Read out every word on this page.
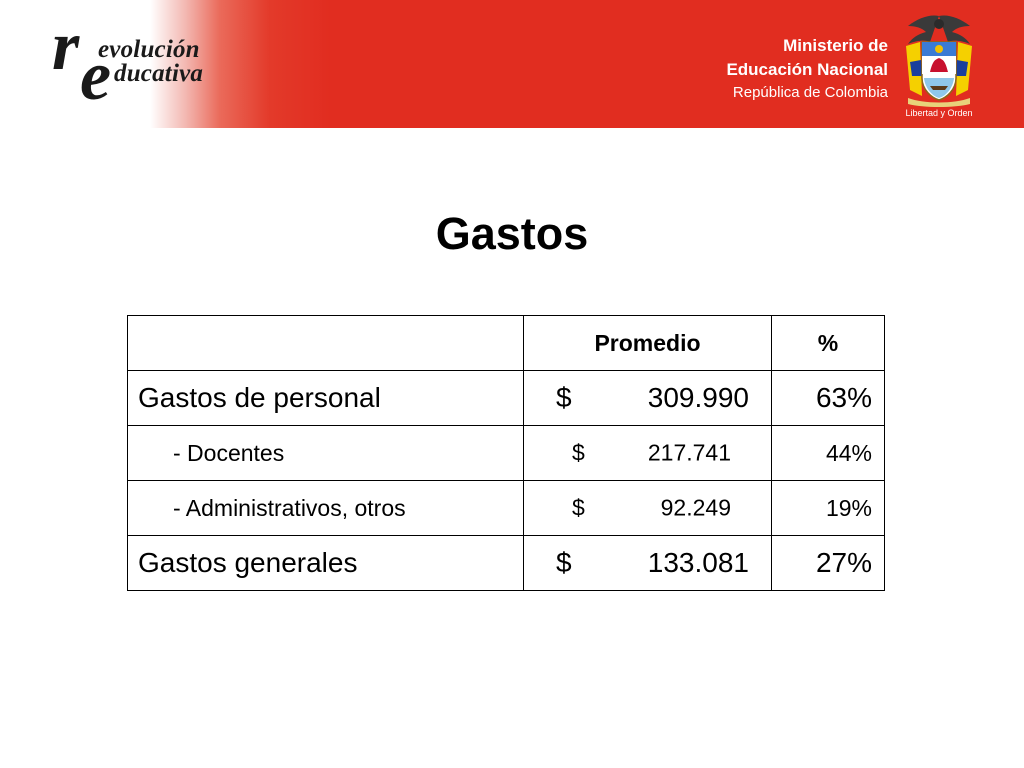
r evolución
e ducativa
Ministerio de
Educación Nacional
República de Colombia
Libertad y Orden
Gastos
	Promedio	%
Gastos de personal	$ 309.990	63%
- Docentes	$ 217.741	44%
- Administrativos, otros	$ 92.249	19%
Gastos generales	$ 133.081	27%
